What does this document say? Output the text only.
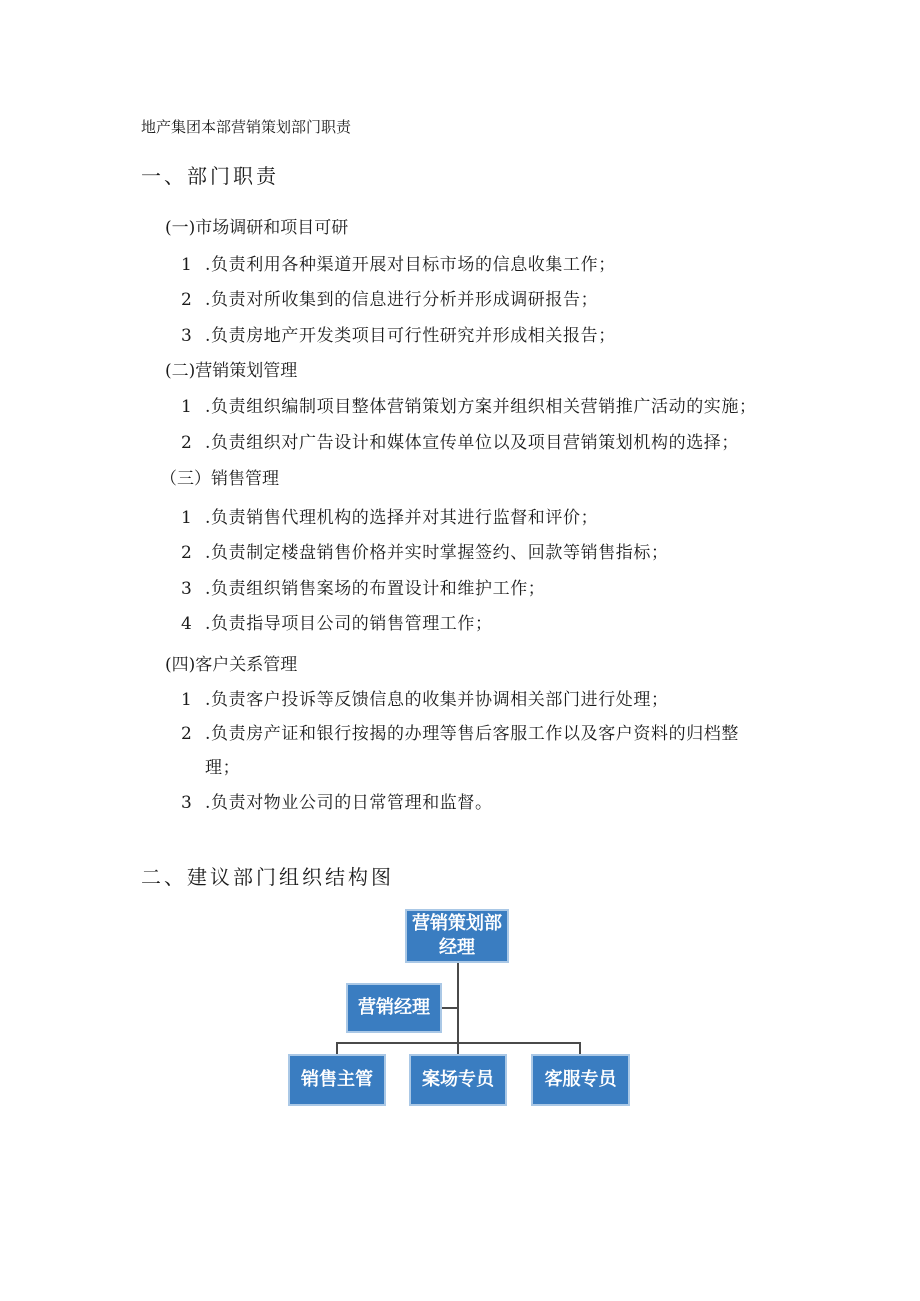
地产集团本部营销策划部门职责
一、部门职责
(一)市场调研和项目可研
1 .负责利用各种渠道开展对目标市场的信息收集工作；
2 .负责对所收集到的信息进行分析并形成调研报告；
3 .负责房地产开发类项目可行性研究并形成相关报告；
(二)营销策划管理
1 .负责组织编制项目整体营销策划方案并组织相关营销推广活动的实施；
2 .负责组织对广告设计和媒体宣传单位以及项目营销策划机构的选择；
（三）销售管理
1 .负责销售代理机构的选择并对其进行监督和评价；
2 .负责制定楼盘销售价格并实时掌握签约、回款等销售指标；
3 .负责组织销售案场的布置设计和维护工作；
4 .负责指导项目公司的销售管理工作；
(四)客户关系管理
1 .负责客户投诉等反馈信息的收集并协调相关部门进行处理；
2 .负责房产证和银行按揭的办理等售后客服工作以及客户资料的归档整
理；
3 .负责对物业公司的日常管理和监督。
二、建议部门组织结构图
营销策划部
经理
营销经理
销售主管	案场专员	客服专员
